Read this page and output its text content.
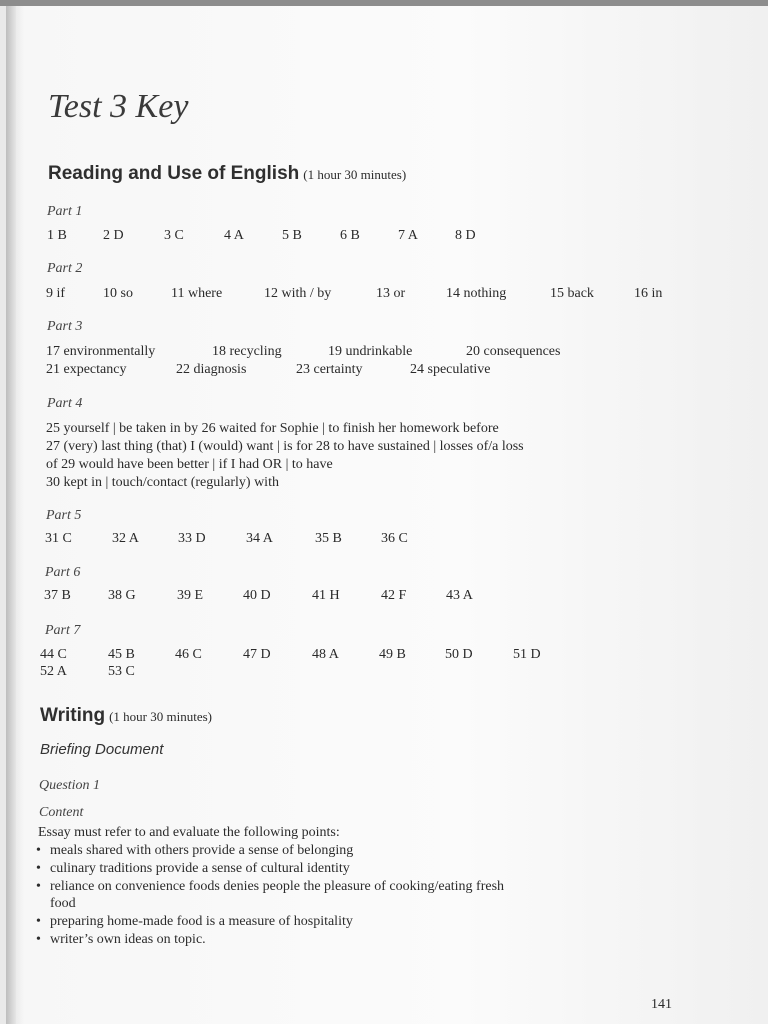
Test 3 Key
Reading and Use of English (1 hour 30 minutes)
Part 1
1 B	2 D	3 C	4 A	5 B	6 B	7 A	8 D
Part 2
9 if	10 so	11 where	12 with / by	13 or	14 nothing	15 back	16 in
Part 3
17 environmentally	18 recycling	19 undrinkable	20 consequences
21 expectancy	22 diagnosis	23 certainty	24 speculative
Part 4
25 yourself | be taken in by 26 waited for Sophie | to finish her homework before
27 (very) last thing (that) I (would) want | is for 28 to have sustained | losses of/a loss
of 29 would have been better | if I had OR | to have
30 kept in | touch/contact (regularly) with
Part 5
31 C	32 A	33 D	34 A	35 B	36 C
Part 6
37 B	38 G	39 E	40 D	41 H	42 F	43 A
Part 7
44 C	45 B	46 C	47 D	48 A	49 B	50 D	51 D
52 A	53 C
Writing (1 hour 30 minutes)
Briefing Document
Question 1
Content
Essay must refer to and evaluate the following points:
• meals shared with others provide a sense of belonging
• culinary traditions provide a sense of cultural identity
• reliance on convenience foods denies people the pleasure of cooking/eating fresh
food
• preparing home-made food is a measure of hospitality
• writer’s own ideas on topic.
141
